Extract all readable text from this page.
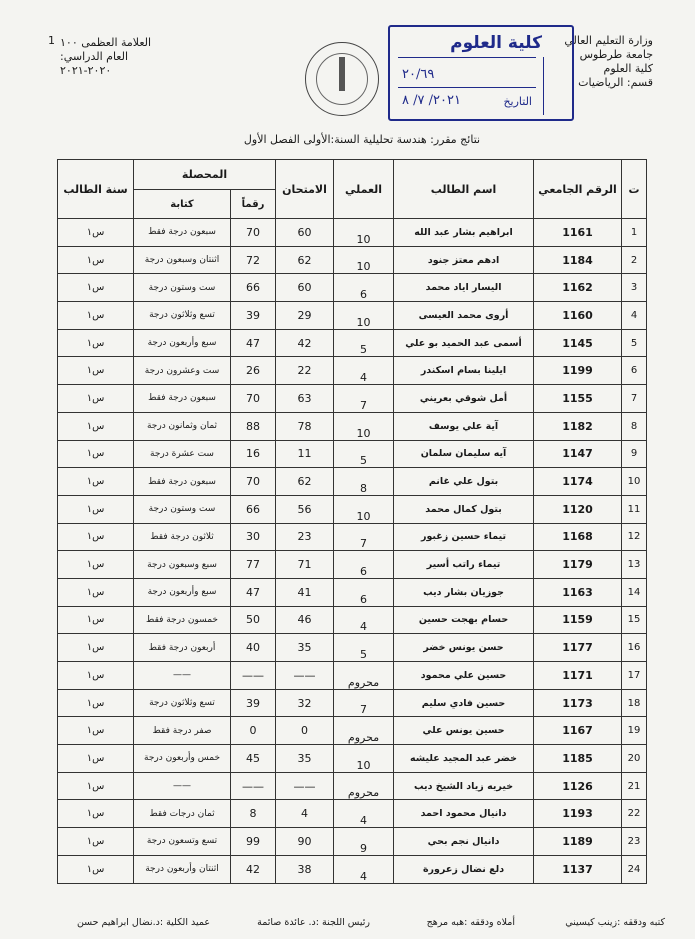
وزارة التعليم العالي
جامعة طرطوس
كلية العلوم
قسم: الرياضيات
1 العلامة العظمى ١٠٠
العام الدراسي: ٢٠٢٠-٢٠٢١
كلية العلوم
٢٠/٦٩
٢٠٢١/ ٧/ ٨	التاريخ
نتائج مقرر: هندسة تحليلية السنة:الأولى الفصل الأول
ت	الرقم الجامعي	اسم الطالب	العملي	الامتحان	المحصلة		سنة الطالب
					رقماً	كتابة	
1	1161	ابراهيم بشار عبد الله	10	60	70	سبعون درجة فقط	س١
2	1184	ادهم معتز جنود	10	62	72	اثنتان وسبعون درجة	س١
3	1162	اليسار اياد محمد	6	60	66	ست وستون درجة	س١
4	1160	أروى محمد العيسى	10	29	39	تسع وثلاثون درجة	س١
5	1145	أسمى عبد الحميد بو علي	5	42	47	سبع وأربعون درجة	س١
6	1199	ايلينا بسام اسكندر	4	22	26	ست وعشرون درجة	س١
7	1155	أمل شوقي بعريني	7	63	70	سبعون درجة فقط	س١
8	1182	آية علي يوسف	10	78	88	ثمان وثمانون درجة	س١
9	1147	آيه سليمان سلمان	5	11	16	ست عشرة درجة	س١
10	1174	بتول علي غانم	8	62	70	سبعون درجة فقط	س١
11	1120	بتول كمال محمد	10	56	66	ست وستون درجة	س١
12	1168	تيماء حسين زغبور	7	23	30	ثلاثون درجة فقط	س١
13	1179	تيماء راتب أسير	6	71	77	سبع وسبعون درجة	س١
14	1163	جوزيان بشار ديب	6	41	47	سبع وأربعون درجة	س١
15	1159	حسام بهجت حسين	4	46	50	خمسون درجة فقط	س١
16	1177	حسن يونس خضر	5	35	40	أربعون درجة فقط	س١
17	1171	حسين علي محمود	محروم	——	——	——	س١
18	1173	حسين فادي سليم	7	32	39	تسع وثلاثون درجة	س١
19	1167	حسين يونس علي	محروم	0	0	صفر درجة فقط	س١
20	1185	خضر عبد المجيد عليشه	10	35	45	خمس وأربعون درجة	س١
21	1126	خيريه زياد الشيخ ديب	محروم	——	——	——	س١
22	1193	دانيال محمود احمد	4	4	8	ثمان درجات فقط	س١
23	1189	دانيال نجم بحي	9	90	99	تسع وتسعون درجة	س١
24	1137	دلع نضال زعرورة	4	38	42	اثنتان وأربعون درجة	س١
كتبه ودققه :زينب كيسيني
أملاه ودققه :هبه مرهج
رئيس اللجنة :د. عائدة صائمة
عميد الكلية :د.نضال ابراهيم حسن
